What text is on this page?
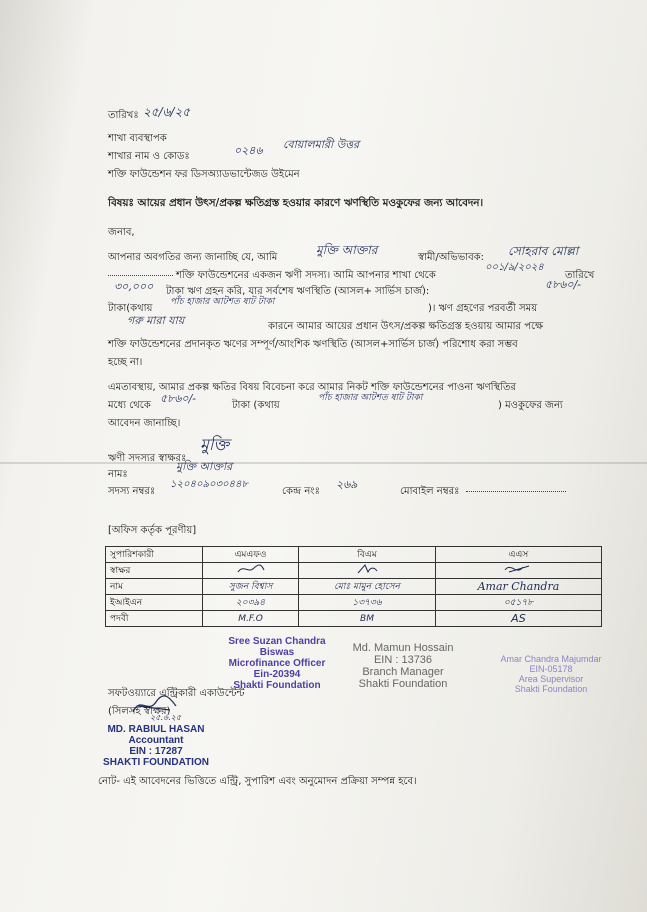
তারিখঃ ২৫/৬/২৫
শাখা ব্যবস্থাপক
শাখার নাম ও কোডঃ	০২৪৬ বোয়ালমারী উত্তর
শক্তি ফাউন্ডেশন ফর ডিসঅ্যাডভান্টেজড উইমেন
বিষয়ঃ আয়ের প্রধান উৎস/প্রকল্প ক্ষতিগ্রস্ত হওয়ার কারণে ঋণস্থিতি মওকুফের জন্য আবেদন।
জনাব,
আপনার অবগতির জন্য জানাচ্ছি যে, আমি
মুক্তি আক্তার
স্বামী/অভিভাবক: সোহরাব মোল্লা
শক্তি ফাউন্ডেশনের একজন ঋণী সদস্য। আমি আপনার শাখা থেকে
০০১/৯/২০২৪
তারিখে
৩০,০০০ টাকা ঋণ গ্রহন করি, যার সর্বশেষ ঋণস্থিতি (আসল+ সার্ভিস চার্জ):
৫৮৬০/-
টাকা(কথায়
পাঁচ হাজার আটশত ষাট টাকা
)। ঋণ গ্রহণের পরবর্তী সময়
গরু মারা যায়	কারনে আমার আয়ের প্রধান উৎস/প্রকল্প ক্ষতিগ্রস্ত হওয়ায় আমার পক্ষে
শক্তি ফাউন্ডেশনের প্রদানকৃত ঋণের সম্পূর্ণ/আংশিক ঋণস্থিতি (আসল+সার্ভিস চার্জ) পরিশোধ করা সম্ভব
হচ্ছে না।
এমতাবস্থায়, আমার প্রকল্প ক্ষতির বিষয় বিবেচনা করে আমার নিকট শক্তি ফাউন্ডেশনের পাওনা ঋণস্থিতির
মধ্যে থেকে
৫৮৬০/-
টাকা (কথায়
পাঁচ হাজার আটশত ষাট টাকা
) মওকুফের জন্য
আবেদন জানাচ্ছি।
মুক্তি
ঋণী সদস্যর স্বাক্ষরঃ
নামঃ
মুক্তি আক্তার
সদস্য নম্বরঃ
১২০৪০৯০৩০৪৪৮
কেন্দ্র নংঃ
২৬৯
মোবাইল নম্বরঃ
[অফিস কর্তৃক পূরণীয়]
সুপারিশকারী	এমএফও	বিএম	এএস
স্বাক্ষর			
নাম	সুজন বিশ্বাস	মোঃ মামুন হোসেন	Amar Chandra
ইআইএন	২০৩৯৪	১৩৭৩৬	০৫১৭৮
পদবী	M.F.O	BM	AS
Sree Suzan Chandra Biswas
Microfinance Officer
Ein-20394
Shakti Foundation
Md. Mamun Hossain
EIN : 13736
Branch Manager
Shakti Foundation
Amar Chandra Majumdar
EIN-05178
Area Supervisor
Shakti Foundation
সফটওয়্যারে এন্ট্রিকারী একাউন্টেন্ট
(সিলসহ স্বাক্ষর)
২৫.৬.২৫
MD. RABIUL HASAN
Accountant
EIN : 17287
SHAKTI FOUNDATION
নোট- এই আবেদনের ভিত্তিতে এন্ট্রি, সুপারিশ এবং অনুমোদন প্রক্রিয়া সম্পন্ন হবে।
